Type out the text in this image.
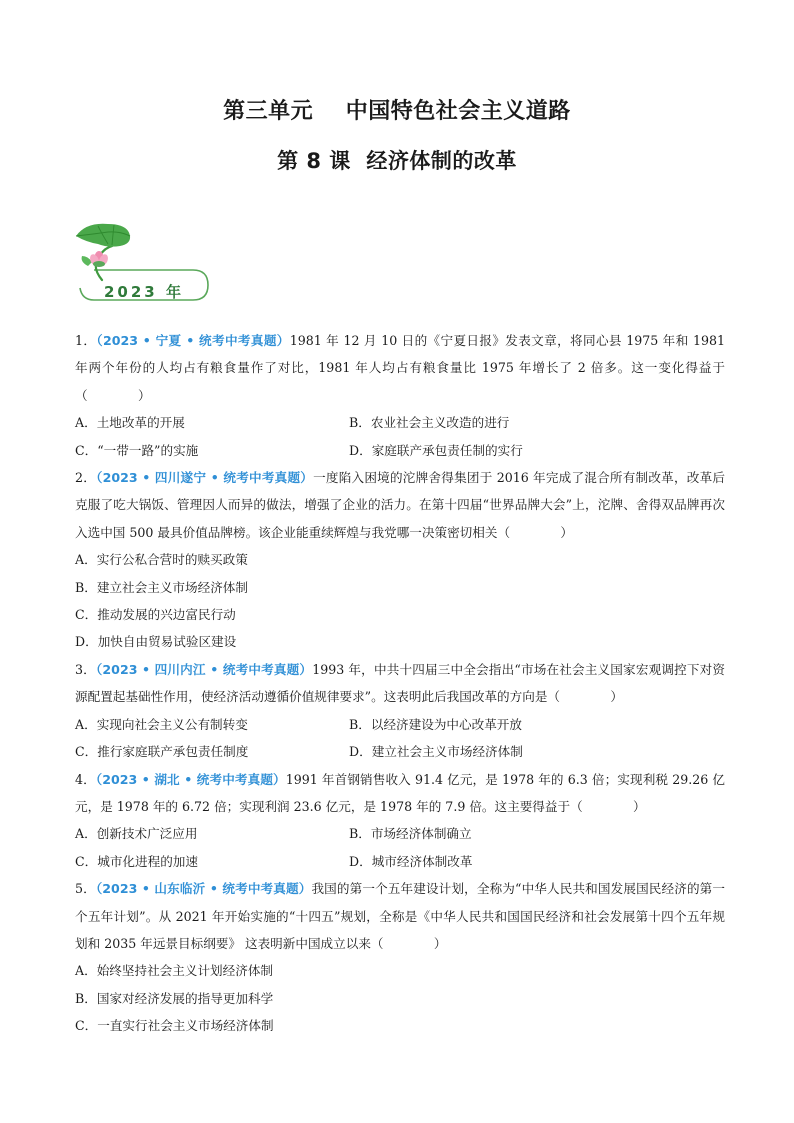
第三单元    中国特色社会主义道路
第 8 课  经济体制的改革
2023 年
1．（2023 • 宁夏 • 统考中考真题）1981 年 12 月 10 日的《宁夏日报》发表文章，将同心县 1975 年和 1981 年两个年份的人均占有粮食量作了对比，1981 年人均占有粮食量比 1975 年增长了 2 倍多。这一变化得益于（　　　　）
A．土地改革的开展	B．农业社会主义改造的进行
C．“一带一路”的实施	D．家庭联产承包责任制的实行
2．（2023 • 四川遂宁 • 统考中考真题）一度陷入困境的沱牌舍得集团于 2016 年完成了混合所有制改革，改革后克服了吃大锅饭、管理因人而异的做法，增强了企业的活力。在第十四届“世界品牌大会”上，沱牌、舍得双品牌再次入选中国 500 最具价值品牌榜。该企业能重续辉煌与我党哪一决策密切相关（　　　　）
A．实行公私合营时的赎买政策
B．建立社会主义市场经济体制
C．推动发展的兴边富民行动
D．加快自由贸易试验区建设
3．（2023 • 四川内江 • 统考中考真题）1993 年，中共十四届三中全会指出“市场在社会主义国家宏观调控下对资源配置起基础性作用，使经济活动遵循价值规律要求”。这表明此后我国改革的方向是（　　　　）
A．实现向社会主义公有制转变	B．以经济建设为中心改革开放
C．推行家庭联产承包责任制度	D．建立社会主义市场经济体制
4．（2023 • 湖北 • 统考中考真题）1991 年首钢销售收入 91.4 亿元，是 1978 年的 6.3 倍；实现利税 29.26 亿元，是 1978 年的 6.72 倍；实现利润 23.6 亿元，是 1978 年的 7.9 倍。这主要得益于（　　　　）
A．创新技术广泛应用	B．市场经济体制确立
C．城市化进程的加速	D．城市经济体制改革
5．（2023 • 山东临沂 • 统考中考真题）我国的第一个五年建设计划，全称为“中华人民共和国发展国民经济的第一个五年计划”。从 2021 年开始实施的“十四五”规划，全称是《中华人民共和国国民经济和社会发展第十四个五年规划和 2035 年远景目标纲要》 这表明新中国成立以来（　　　　）
A．始终坚持社会主义计划经济体制
B．国家对经济发展的指导更加科学
C．一直实行社会主义市场经济体制
